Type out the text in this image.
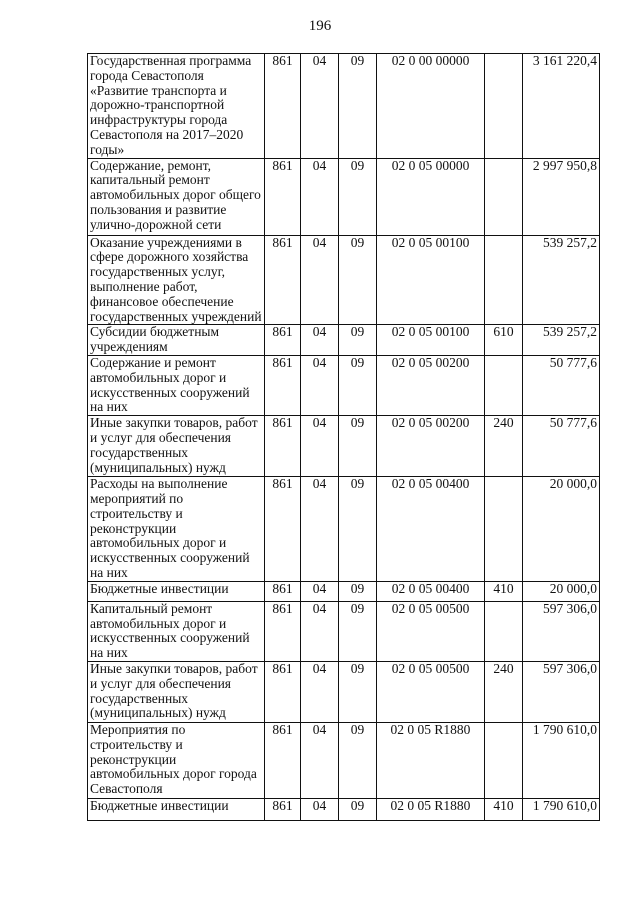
196
Государственная программа города Севастополя «Развитие транспорта и дорожно-транспортной инфраструктуры города Севастополя на 2017–2020 годы»	861	04	09	02 0 00 00000		3 161 220,4
Содержание, ремонт, капитальный ремонт автомобильных дорог общего пользования и развитие улично-дорожной сети	861	04	09	02 0 05 00000		2 997 950,8
Оказание учреждениями в сфере дорожного хозяйства государственных услуг, выполнение работ, финансовое обеспечение государственных учреждений	861	04	09	02 0 05 00100		539 257,2
Субсидии бюджетным учреждениям	861	04	09	02 0 05 00100	610	539 257,2
Содержание и ремонт автомобильных дорог и искусственных сооружений на них	861	04	09	02 0 05 00200		50 777,6
Иные закупки товаров, работ и услуг для обеспечения государственных (муниципальных) нужд	861	04	09	02 0 05 00200	240	50 777,6
Расходы на выполнение мероприятий по строительству и реконструкции автомобильных дорог и искусственных сооружений на них	861	04	09	02 0 05 00400		20 000,0
Бюджетные инвестиции	861	04	09	02 0 05 00400	410	20 000,0
Капитальный ремонт автомобильных дорог и искусственных сооружений на них	861	04	09	02 0 05 00500		597 306,0
Иные закупки товаров, работ и услуг для обеспечения государственных (муниципальных) нужд	861	04	09	02 0 05 00500	240	597 306,0
Мероприятия по строительству и реконструкции автомобильных дорог города Севастополя	861	04	09	02 0 05 R1880		1 790 610,0
Бюджетные инвестиции	861	04	09	02 0 05 R1880	410	1 790 610,0
